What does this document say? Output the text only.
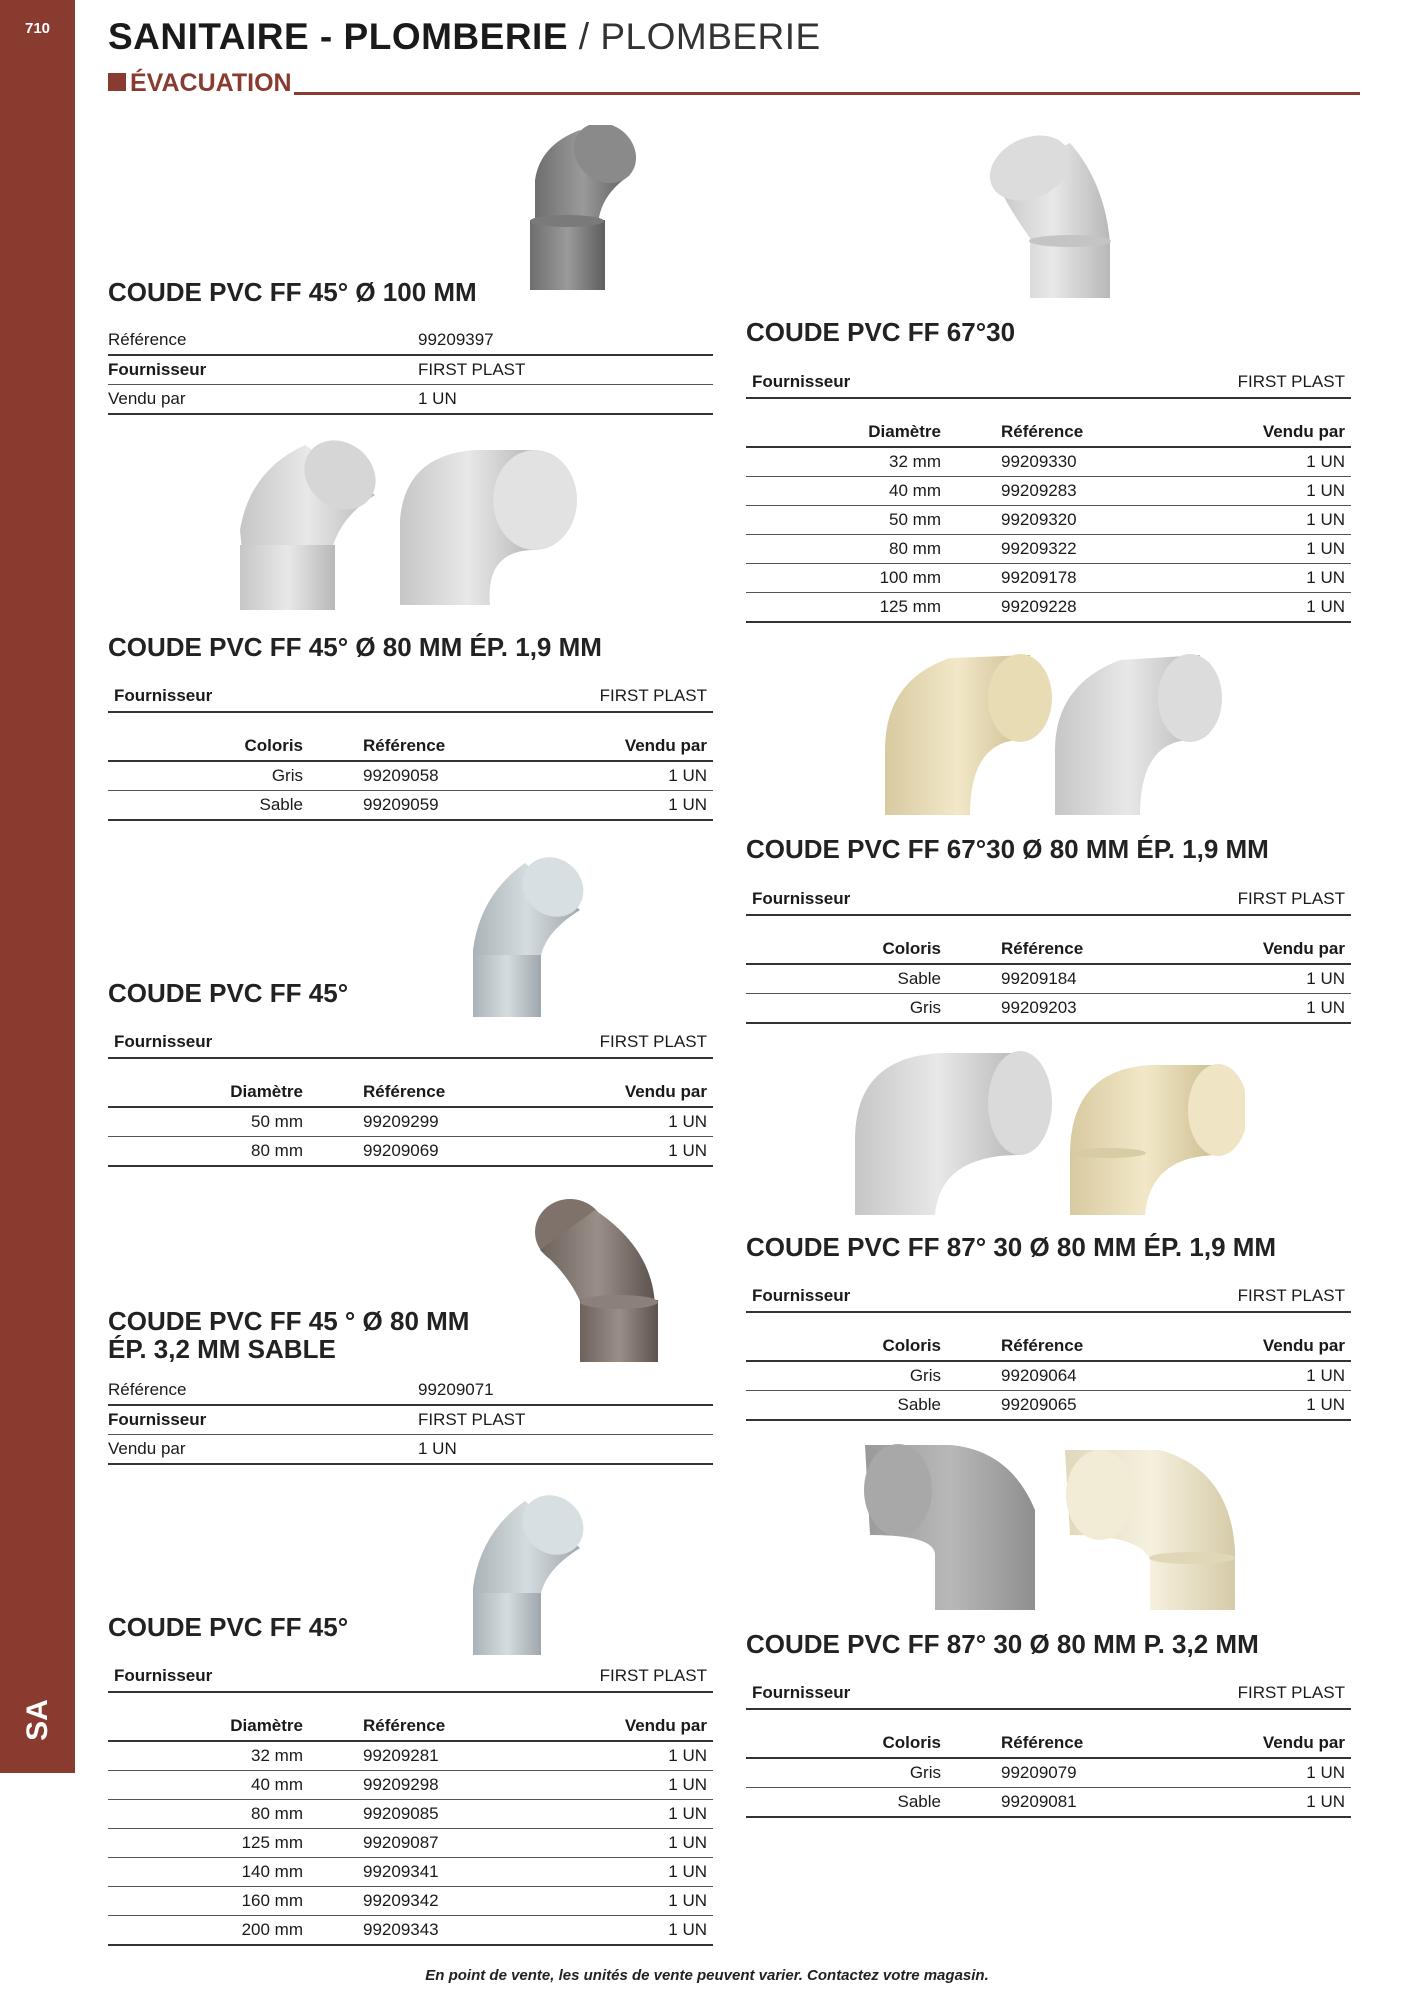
710
SA
SANITAIRE - PLOMBERIE / PLOMBERIE
ÉVACUATION
COUDE PVC FF 45° Ø 100 MM
Référence	99209397
Fournisseur	FIRST PLAST
Vendu par	1 UN
COUDE PVC FF 45° Ø 80 MM ÉP. 1,9 MM
Fournisseur	FIRST PLAST
Coloris	Référence	Vendu par
Gris	99209058	1 UN
Sable	99209059	1 UN
COUDE PVC FF 45°
Fournisseur	FIRST PLAST
Diamètre	Référence	Vendu par
50 mm	99209299	1 UN
80 mm	99209069	1 UN
COUDE PVC FF 45 ° Ø 80 MM
ÉP. 3,2 MM SABLE
Référence	99209071
Fournisseur	FIRST PLAST
Vendu par	1 UN
COUDE PVC FF 45°
Fournisseur	FIRST PLAST
Diamètre	Référence	Vendu par
32 mm	99209281	1 UN
40 mm	99209298	1 UN
80 mm	99209085	1 UN
125 mm	99209087	1 UN
140 mm	99209341	1 UN
160 mm	99209342	1 UN
200 mm	99209343	1 UN
COUDE PVC FF 67°30
Fournisseur	FIRST PLAST
Diamètre	Référence	Vendu par
32 mm	99209330	1 UN
40 mm	99209283	1 UN
50 mm	99209320	1 UN
80 mm	99209322	1 UN
100 mm	99209178	1 UN
125 mm	99209228	1 UN
COUDE PVC FF 67°30 Ø 80 MM ÉP. 1,9 MM
Fournisseur	FIRST PLAST
Coloris	Référence	Vendu par
Sable	99209184	1 UN
Gris	99209203	1 UN
COUDE PVC FF 87° 30 Ø 80 MM ÉP. 1,9 MM
Fournisseur	FIRST PLAST
Coloris	Référence	Vendu par
Gris	99209064	1 UN
Sable	99209065	1 UN
COUDE PVC FF 87° 30 Ø 80 MM P. 3,2 MM
Fournisseur	FIRST PLAST
Coloris	Référence	Vendu par
Gris	99209079	1 UN
Sable	99209081	1 UN
En point de vente, les unités de vente peuvent varier. Contactez votre magasin.
